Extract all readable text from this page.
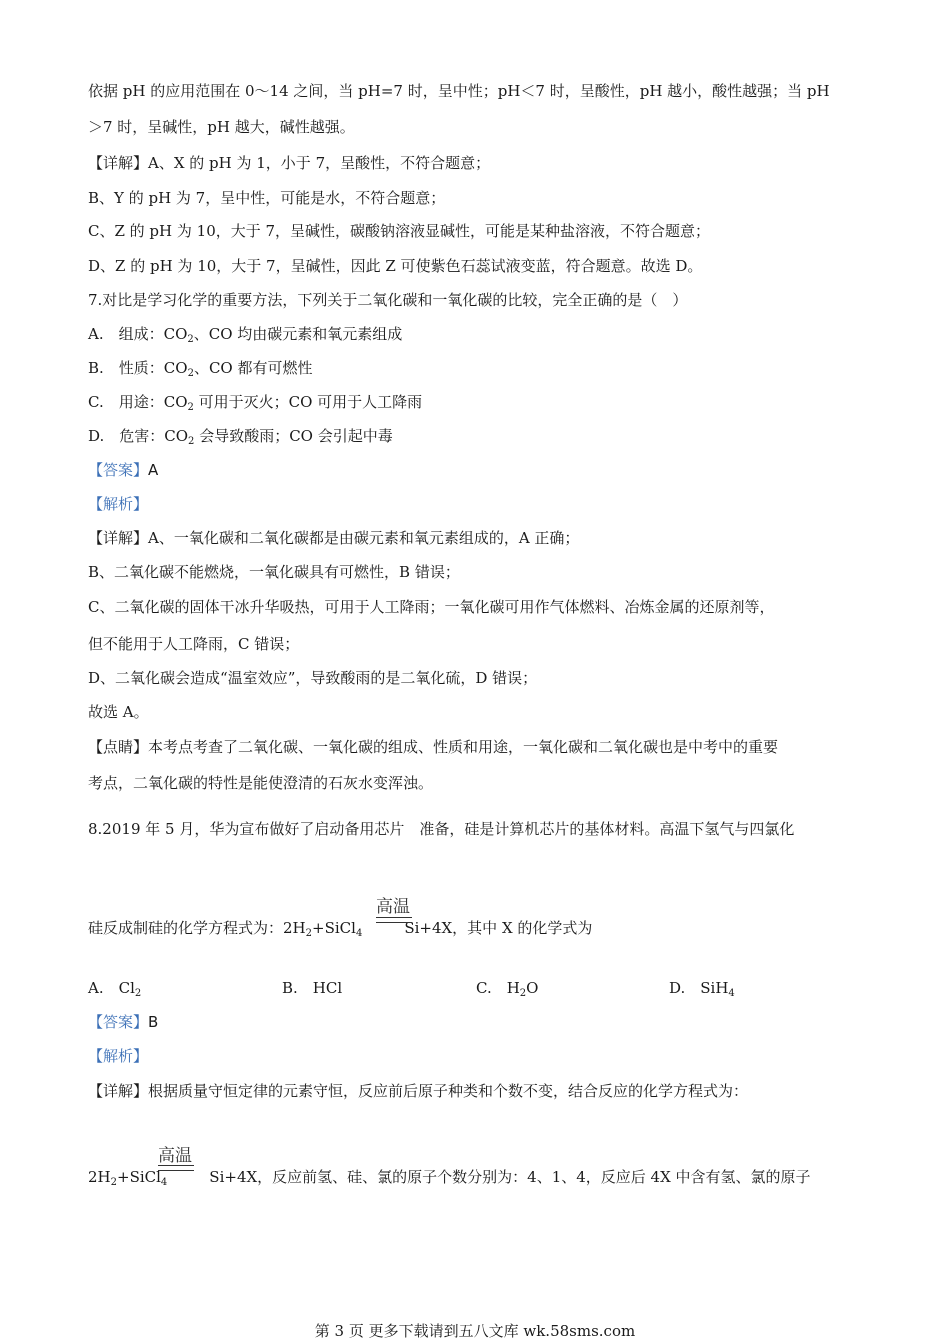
依据 pH 的应用范围在 0～14 之间，当 pH=7 时，呈中性；pH＜7 时，呈酸性，pH 越小，酸性越强；当 pH
＞7 时，呈碱性，pH 越大，碱性越强。
【详解】A、X 的 pH 为 1，小于 7，呈酸性，不符合题意；
B、Y 的 pH 为 7，呈中性，可能是水，不符合题意；
C、Z 的 pH 为 10，大于 7，呈碱性，碳酸钠溶液显碱性，可能是某种盐溶液，不符合题意；
D、Z 的 pH 为 10，大于 7，呈碱性，因此 Z 可使紫色石蕊试液变蓝，符合题意。故选 D。
7.对比是学习化学的重要方法，下列关于二氧化碳和一氧化碳的比较，完全正确的是（　）
A.　组成：$CO_2$、CO 均由碳元素和氧元素组成
B.　性质：$CO_2$、CO 都有可燃性
C.　用途：$CO_2$ 可用于灭火；CO 可用于人工降雨
D.　危害：$CO_2$ 会导致酸雨；CO 会引起中毒
【答案】A
【解析】
【详解】A、一氧化碳和二氧化碳都是由碳元素和氧元素组成的，A 正确；
B、二氧化碳不能燃烧，一氧化碳具有可燃性，B 错误；
C、二氧化碳的固体干冰升华吸热，可用于人工降雨；一氧化碳可用作气体燃料、冶炼金属的还原剂等，
但不能用于人工降雨，C 错误；
D、二氧化碳会造成“温室效应”，导致酸雨的是二氧化硫，D 错误；
故选 A。
【点睛】本考点考查了二氧化碳、一氧化碳的组成、性质和用途，一氧化碳和二氧化碳也是中考中的重要
考点，二氧化碳的特性是能使澄清的石灰水变浑浊。
8.2019 年 5 月，华为宣布做好了启动备用芯片　准备，硅是计算机芯片的基体材料。高温下氢气与四氯化
硅反成制硅的化学方程式为：$2H_2+SiCl_4$	Si+4X，其中 X 的化学式为
高温
A.　$Cl_2$	B.　HCl	C.　$H_2O$	D.　SiH$_4$
【答案】B
【解析】
【详解】根据质量守恒定律的元素守恒，反应前后原子种类和个数不变，结合反应的化学方程式为：
$2H_2+SiCl_4$	Si+4X，反应前氢、硅、氯的原子个数分别为：4、1、4，反应后 4X 中含有氢、氯的原子
高温
第 3 页 更多下载请到五八文库 wk.58sms.com
